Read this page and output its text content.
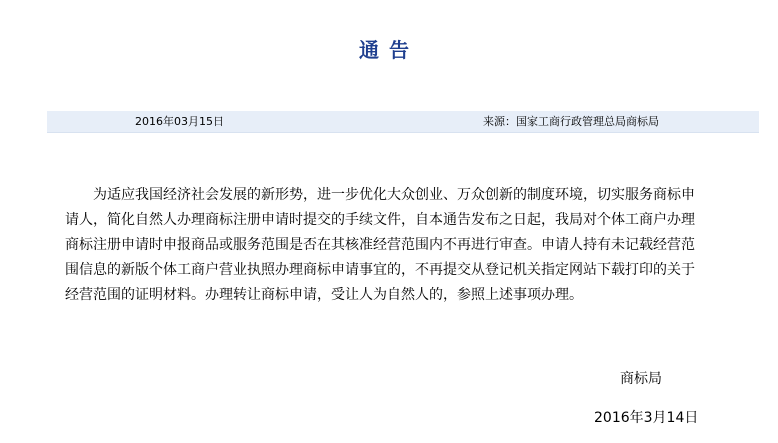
通告
2016年03月15日	来源：国家工商行政管理总局商标局
为适应我国经济社会发展的新形势，进一步优化大众创业、万众创新的制度环境，切实服务商标申请人，简化自然人办理商标注册申请时提交的手续文件，自本通告发布之日起，我局对个体工商户办理商标注册申请时申报商品或服务范围是否在其核准经营范围内不再进行审查。申请人持有未记载经营范围信息的新版个体工商户营业执照办理商标申请事宜的，不再提交从登记机关指定网站下载打印的关于经营范围的证明材料。办理转让商标申请，受让人为自然人的，参照上述事项办理。
商标局
2016年3月14日
